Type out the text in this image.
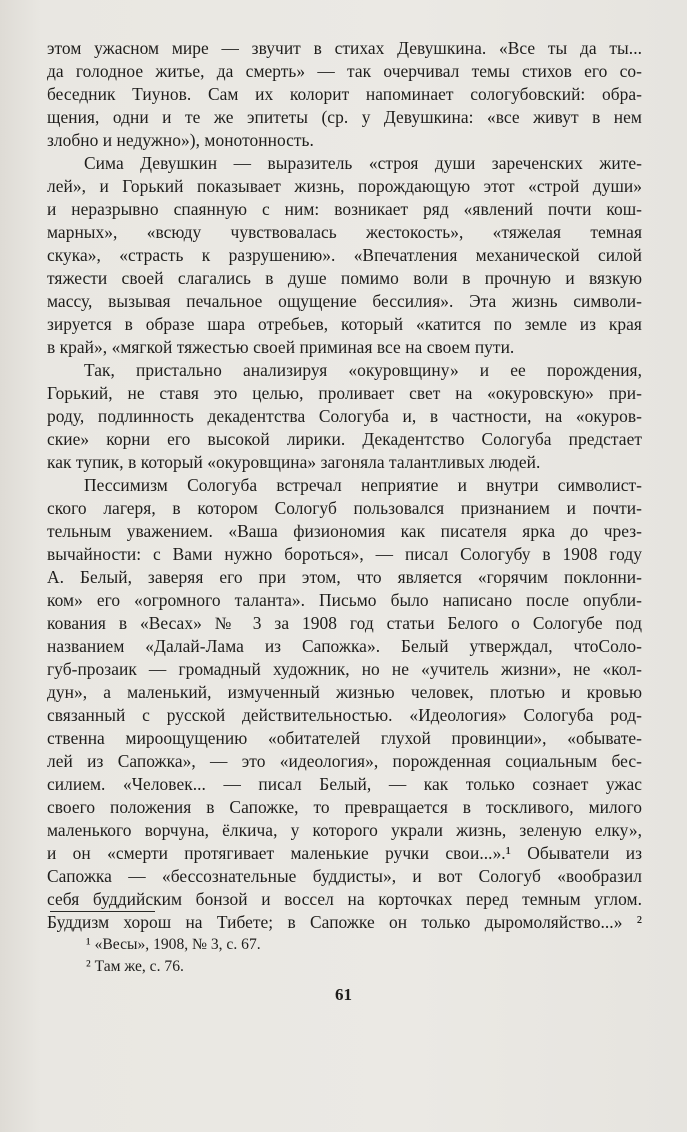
этом ужасном мире — звучит в стихах Девушкина. «Все ты да ты...
да голодное житье, да смерть» — так очерчивал темы стихов его со-
беседник Тиунов. Сам их колорит напоминает сологубовский: обра-
щения, одни и те же эпитеты (ср. у Девушкина: «все живут в нем
злобно и недужно»), монотонность.
Сима Девушкин — выразитель «строя души зареченских жите-
лей», и Горький показывает жизнь, порождающую этот «строй души»
и неразрывно спаянную с ним: возникает ряд «явлений почти кош-
марных», «всюду чувствовалась жестокость», «тяжелая темная
скука», «страсть к разрушению». «Впечатления механической силой
тяжести своей слагались в душе помимо воли в прочную и вязкую
массу, вызывая печальное ощущение бессилия». Эта жизнь символи-
зируется в образе шара отребьев, который «катится по земле из края
в край», «мягкой тяжестью своей приминая все на своем пути.
Так, пристально анализируя «окуровщину» и ее порождения,
Горький, не ставя это целью, проливает свет на «окуровскую» при-
роду, подлинность декадентства Сологуба и, в частности, на «окуров-
ские» корни его высокой лирики. Декадентство Сологуба предстает
как тупик, в который «окуровщина» загоняла талантливых людей.
Пессимизм Сологуба встречал неприятие и внутри символист-
ского лагеря, в котором Сологуб пользовался признанием и почти-
тельным уважением. «Ваша физиономия как писателя ярка до чрез-
вычайности: с Вами нужно бороться», — писал Сологубу в 1908 году
А. Белый, заверяя его при этом, что является «горячим поклонни-
ком» его «огромного таланта». Письмо было написано после опубли-
кования в «Весах» № 3 за 1908 год статьи Белого о Сологубе под
названием «Далай-Лама из Сапожка». Белый утверждал, чтоСоло-
губ-прозаик — громадный художник, но не «учитель жизни», не «кол-
дун», а маленький, измученный жизнью человек, плотью и кровью
связанный с русской действительностью. «Идеология» Сологуба род-
ственна мироощущению «обитателей глухой провинции», «обывате-
лей из Сапожка», — это «идеология», порожденная социальным бес-
силием. «Человек... — писал Белый, — как только сознает ужас
своего положения в Сапожке, то превращается в тоскливого, милого
маленького ворчуна, ёлкича, у которого украли жизнь, зеленую елку»,
и он «смерти протягивает маленькие ручки свои...».¹ Обыватели из
Сапожка — «бессознательные буддисты», и вот Сологуб «вообразил
себя буддийским бонзой и воссел на корточках перед темным углом.
Буддизм хорош на Тибете; в Сапожке он только дыромоляйство...» ²
¹ «Весы», 1908, № 3, с. 67.
² Там же, с. 76.
61
